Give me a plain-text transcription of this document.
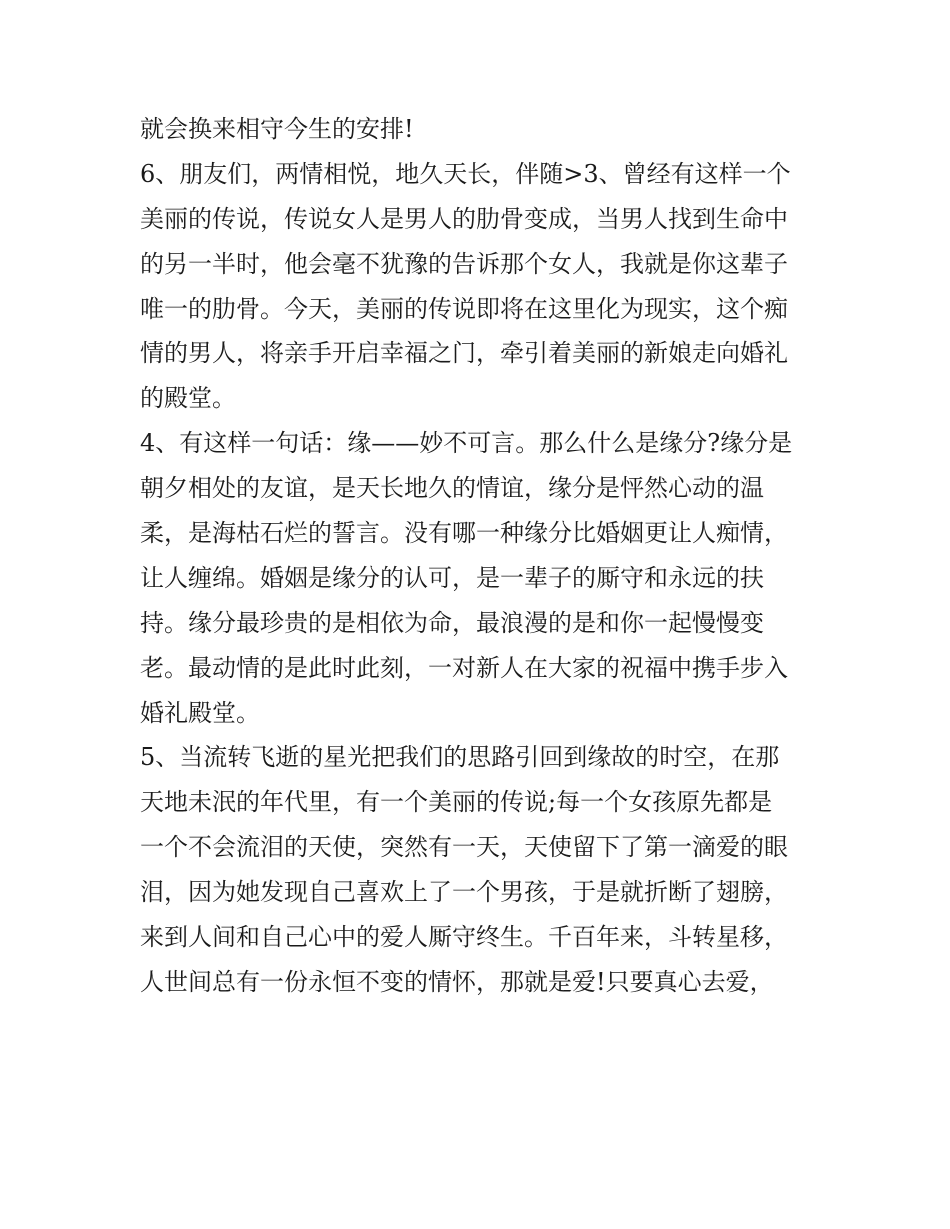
就会换来相守今生的安排!
6、朋友们，两情相悦，地久天长，伴随>3、曾经有这样一个
美丽的传说，传说女人是男人的肋骨变成，当男人找到生命中
的另一半时，他会毫不犹豫的告诉那个女人，我就是你这辈子
唯一的肋骨。今天，美丽的传说即将在这里化为现实，这个痴
情的男人，将亲手开启幸福之门，牵引着美丽的新娘走向婚礼
的殿堂。
4、有这样一句话：缘——妙不可言。那么什么是缘分?缘分是
朝夕相处的友谊，是天长地久的情谊，缘分是怦然心动的温
柔，是海枯石烂的誓言。没有哪一种缘分比婚姻更让人痴情，
让人缠绵。婚姻是缘分的认可，是一辈子的厮守和永远的扶
持。缘分最珍贵的是相依为命，最浪漫的是和你一起慢慢变
老。最动情的是此时此刻，一对新人在大家的祝福中携手步入
婚礼殿堂。
5、当流转飞逝的星光把我们的思路引回到缘故的时空，在那
天地未泯的年代里，有一个美丽的传说;每一个女孩原先都是
一个不会流泪的天使，突然有一天，天使留下了第一滴爱的眼
泪，因为她发现自己喜欢上了一个男孩，于是就折断了翅膀，
来到人间和自己心中的爱人厮守终生。千百年来，斗转星移，
人世间总有一份永恒不变的情怀，那就是爱!只要真心去爱，
